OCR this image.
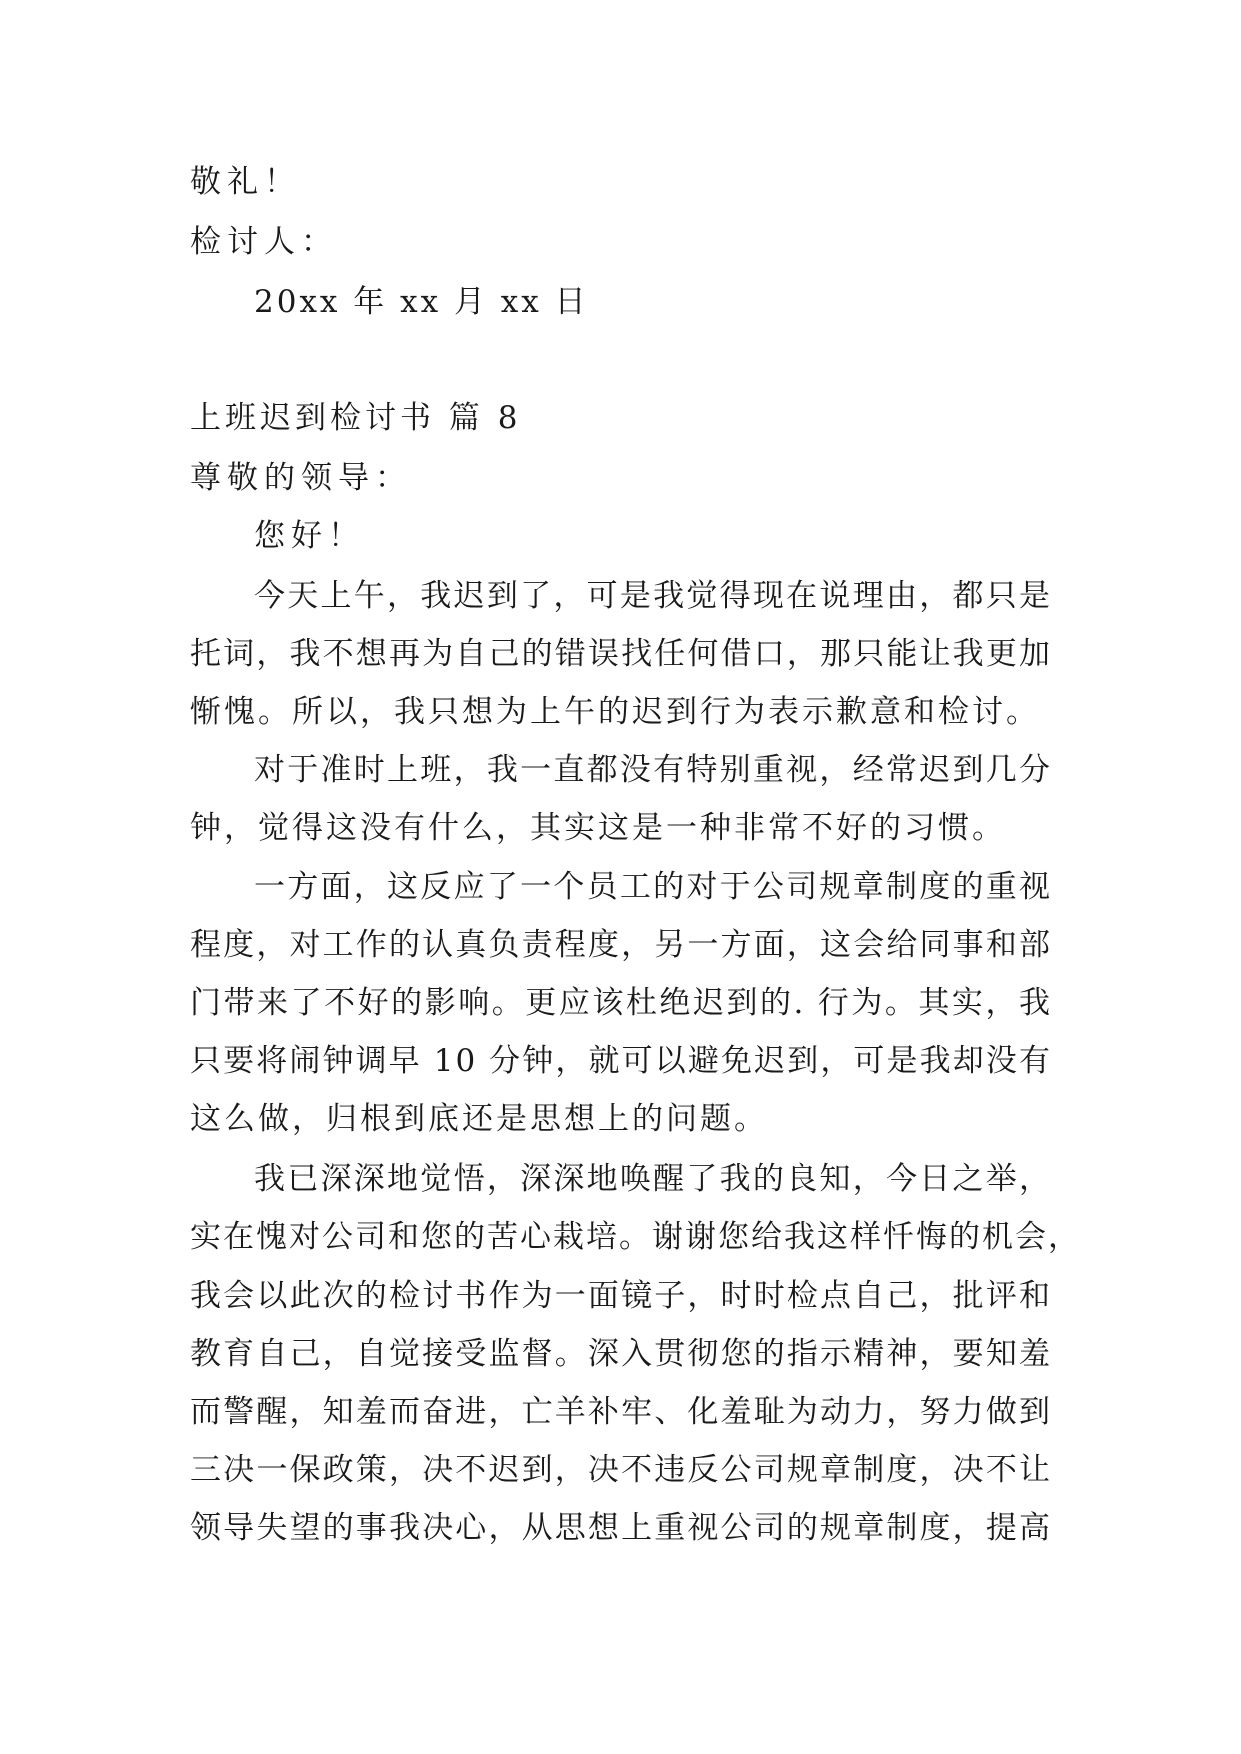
敬礼！
检讨人：
20xx 年 xx 月 xx 日
上班迟到检讨书 篇 8
尊敬的领导：
您好！
今天上午，我迟到了，可是我觉得现在说理由，都只是
托词，我不想再为自己的错误找任何借口，那只能让我更加
惭愧。所以，我只想为上午的迟到行为表示歉意和检讨。
对于准时上班，我一直都没有特别重视，经常迟到几分
钟，觉得这没有什么，其实这是一种非常不好的习惯。
一方面，这反应了一个员工的对于公司规章制度的重视
程度，对工作的认真负责程度，另一方面，这会给同事和部
门带来了不好的影响。更应该杜绝迟到的. 行为。其实，我
只要将闹钟调早 10 分钟，就可以避免迟到，可是我却没有
这么做，归根到底还是思想上的问题。
我已深深地觉悟，深深地唤醒了我的良知，今日之举，
实在愧对公司和您的苦心栽培。谢谢您给我这样忏悔的机会，
我会以此次的检讨书作为一面镜子，时时检点自己，批评和
教育自己，自觉接受监督。深入贯彻您的指示精神，要知羞
而警醒，知羞而奋进，亡羊补牢、化羞耻为动力，努力做到
三决一保政策，决不迟到，决不违反公司规章制度，决不让
领导失望的事我决心，从思想上重视公司的规章制度，提高
